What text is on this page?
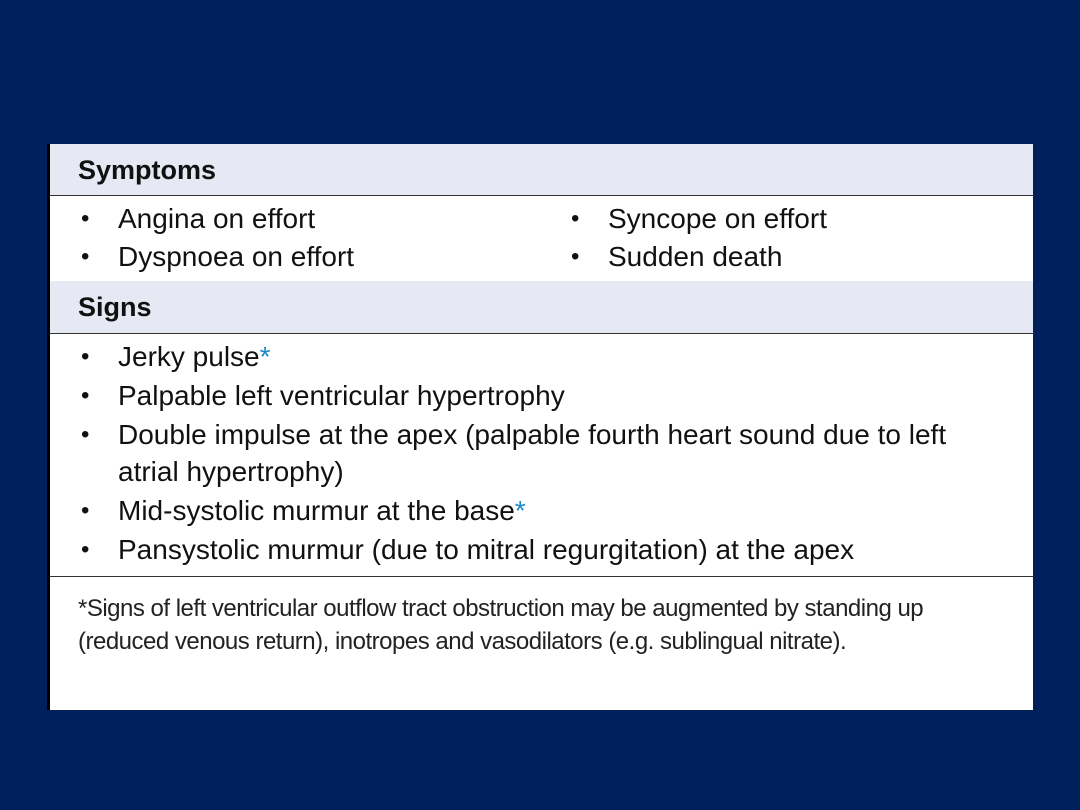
Symptoms
• Angina on effort	• Syncope on effort
• Dyspnoea on effort	• Sudden death
Signs
• Jerky pulse*
• Palpable left ventricular hypertrophy
• Double impulse at the apex (palpable fourth heart sound due to left atrial hypertrophy)
• Mid-systolic murmur at the base*
• Pansystolic murmur (due to mitral regurgitation) at the apex
*Signs of left ventricular outflow tract obstruction may be augmented by standing up (reduced venous return), inotropes and vasodilators (e.g. sublingual nitrate).
